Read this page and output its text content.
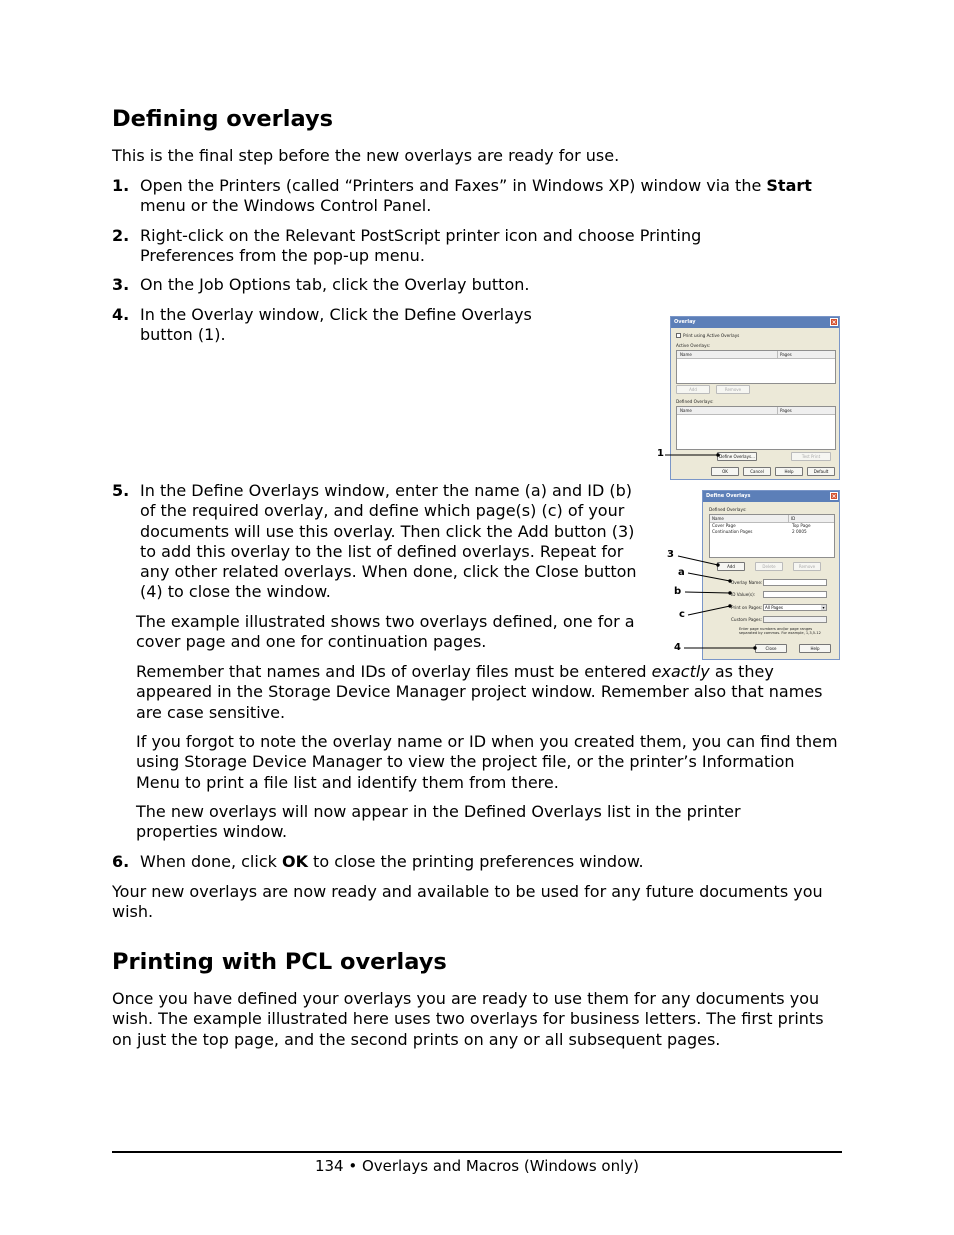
Defining overlays
This is the final step before the new overlays are ready for use.
1. Open the Printers (called “Printers and Faxes” in Windows XP) window via the Start menu or the Windows Control Panel.
2. Right-click on the Relevant PostScript printer icon and choose Printing Preferences from the pop-up menu.
3. On the Job Options tab, click the Overlay button.
4. In the Overlay window, Click the Define Overlays button (1).
5. In the Define Overlays window, enter the name (a) and ID (b) of the required overlay, and define which page(s) (c) of your documents will use this overlay. Then click the Add button (3) to add this overlay to the list of defined overlays. Repeat for any other related overlays. When done, click the Close button (4) to close the window.
The example illustrated shows two overlays defined, one for a cover page and one for continuation pages.
Remember that names and IDs of overlay files must be entered exactly as they appeared in the Storage Device Manager project window. Remember also that names are case sensitive.
If you forgot to note the overlay name or ID when you created them, you can find them using Storage Device Manager to view the project file, or the printer’s Information Menu to print a file list and identify them from there.
The new overlays will now appear in the Defined Overlays list in the printer properties window.
6. When done, click OK to close the printing preferences window.
Your new overlays are now ready and available to be used for any future documents you wish.
Printing with PCL overlays
Once you have defined your overlays you are ready to use them for any documents you wish. The example illustrated here uses two overlays for business letters. The first prints on just the top page, and the second prints on any or all subsequent pages.
134 • Overlays and Macros (Windows only)
Overlay	×
Print using Active Overlays
Active Overlays:
Name	Pages
Add	Remove
Defined Overlays:
Name	Pages
Define Overlays...	Test Print
OK	Cancel	Help	Default
1
Define Overlays	×
Defined Overlays:
Name	ID
Cover Page	Top Page
Continuation Pages	2 0005
Add	Delete	Remove
Overlay Name:
ID Value(s):
Print on Pages: All Pages	▾
Custom Pages:
Enter page numbers and/or page ranges separated by commas. For example, 1,3,5-12
Close	Help
3
a
b
c
4
